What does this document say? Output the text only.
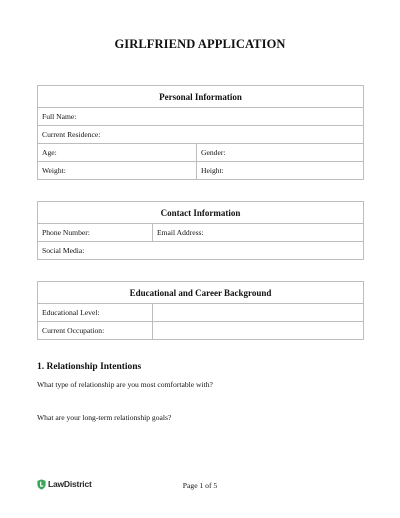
GIRLFRIEND APPLICATION
Personal Information	
Full Name:	
Current Residence:	
Age:	Gender:
Weight:	Height:
Contact Information
Phone Number:	Email Address:
Social Media:
Educational and Career Background	
Educational Level:	
Current Occupation:	
1. Relationship Intentions
What type of relationship are you most comfortable with?
What are your long-term relationship goals?
LawDistrict	Page 1 of 5
